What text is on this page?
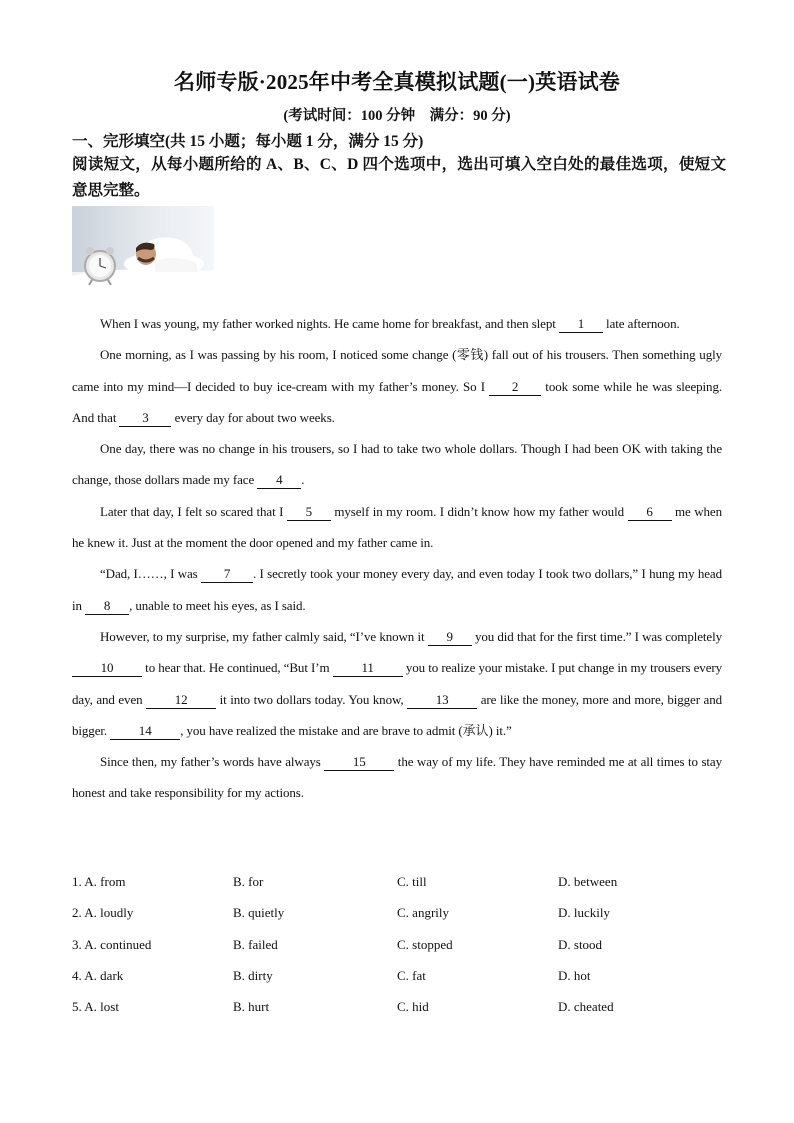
名师专版·2025年中考全真模拟试题(一)英语试卷
(考试时间：100 分钟　满分：90 分)
一、完形填空(共 15 小题；每小题 1 分，满分 15 分)
阅读短文，从每小题所给的 A、B、C、D 四个选项中，选出可填入空白处的最佳选项，使短文意思完整。

When I was young, my father worked nights. He came home for breakfast, and then slept 1 late afternoon.

One morning, as I was passing by his room, I noticed some change (零钱) fall out of his trousers. Then something ugly came into my mind—I decided to buy ice-cream with my father’s money. So I 2 took some while he was sleeping. And that 3 every day for about two weeks.

One day, there was no change in his trousers, so I had to take two whole dollars. Though I had been OK with taking the change, those dollars made my face 4 .

Later that day, I felt so scared that I 5 myself in my room. I didn’t know how my father would 6 me when he knew it. Just at the moment the door opened and my father came in.

“Dad, I……, I was 7 . I secretly took your money every day, and even today I took two dollars,” I hung my head in 8 , unable to meet his eyes, as I said.

However, to my surprise, my father calmly said, “I’ve known it 9 you did that for the first time.” I was completely 10 to hear that. He continued, “But I’m 11 you to realize your mistake. I put change in my trousers every day, and even 12 it into two dollars today. You know, 13 are like the money, more and more, bigger and bigger. 14 , you have realized the mistake and are brave to admit (承认) it.”

Since then, my father’s words have always 15 the way of my life. They have reminded me at all times to stay honest and take responsibility for my actions.

1. A. from	B. for	C. till	D. between
2. A. loudly	B. quietly	C. angrily	D. luckily
3. A. continued	B. failed	C. stopped	D. stood
4. A. dark	B. dirty	C. fat	D. hot
5. A. lost	B. hurt	C. hid	D. cheated
